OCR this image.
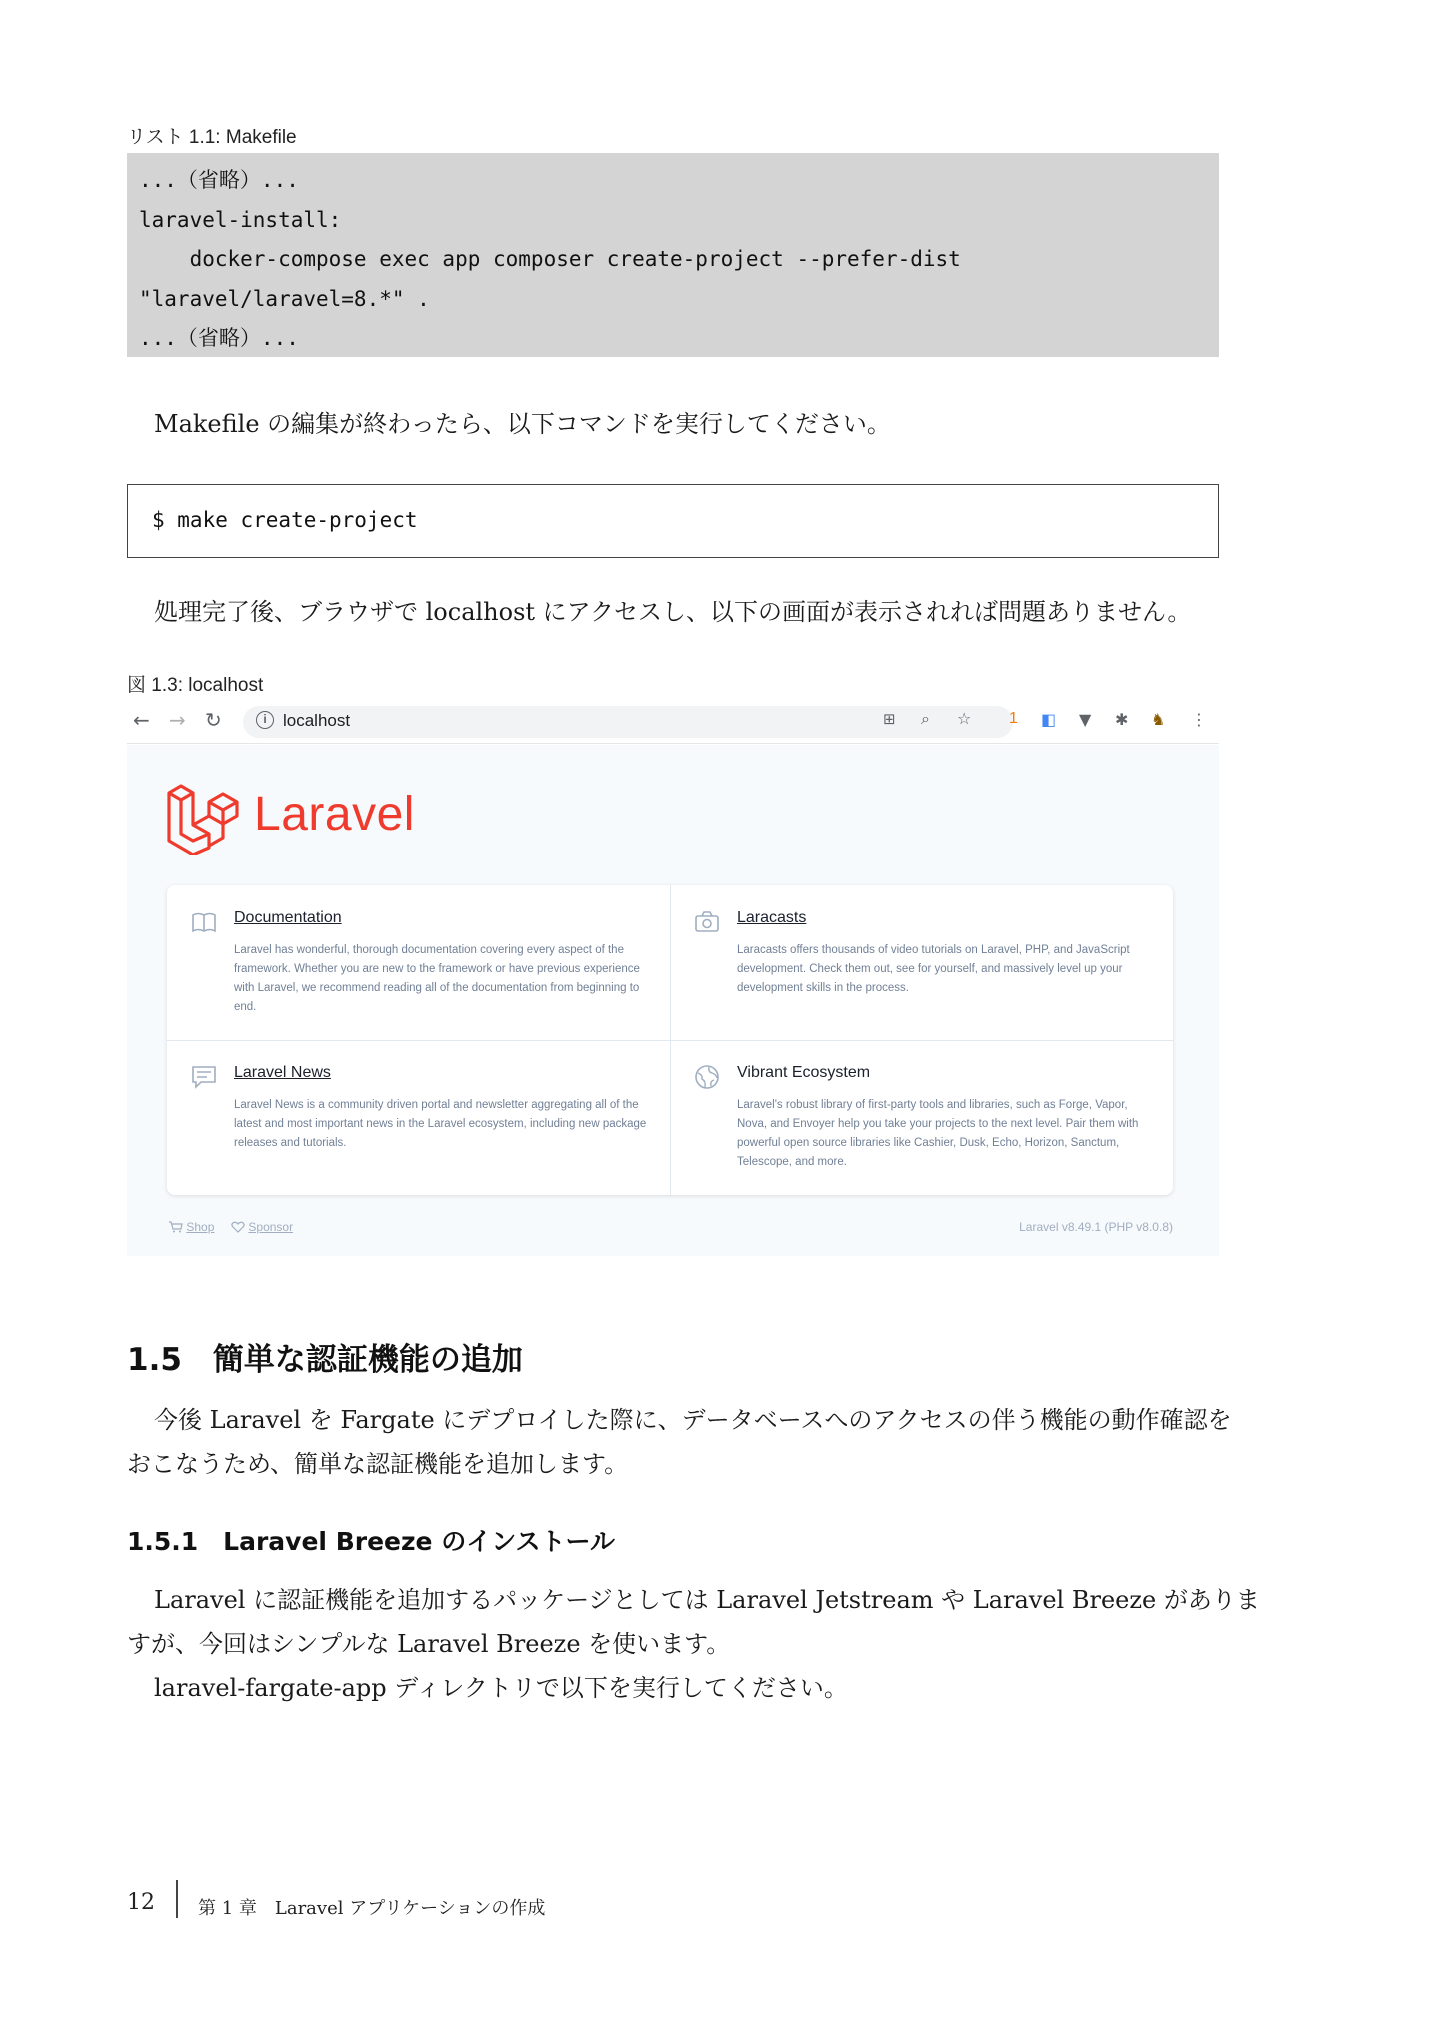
リスト 1.1: Makefile
...（省略）...
laravel-install:
docker-compose exec app composer create-project --prefer-dist
"laravel/laravel=8.*" .
...（省略）...
Makefile の編集が終わったら、以下コマンドを実行してください。
$ make create-project
処理完了後、ブラウザで localhost にアクセスし、以下の画面が表示されれば問題ありません。
図 1.3: localhost
← → ↻	i localhost	⊞ ⌕ ☆ 1 ◧ ▼ ✱ ♞ ⋮
Laravel
Documentation
Laravel has wonderful, thorough documentation covering every aspect of the framework. Whether you are new to the framework or have previous experience with Laravel, we recommend reading all of the documentation from beginning to end.
Laracasts
Laracasts offers thousands of video tutorials on Laravel, PHP, and JavaScript development. Check them out, see for yourself, and massively level up your development skills in the process.
Laravel News
Laravel News is a community driven portal and newsletter aggregating all of the latest and most important news in the Laravel ecosystem, including new package releases and tutorials.
Vibrant Ecosystem
Laravel's robust library of first-party tools and libraries, such as Forge, Vapor, Nova, and Envoyer help you take your projects to the next level. Pair them with powerful open source libraries like Cashier, Dusk, Echo, Horizon, Sanctum, Telescope, and more.
Shop	Sponsor	Laravel v8.49.1 (PHP v8.0.8)
1.5　簡単な認証機能の追加
今後 Laravel を Fargate にデプロイした際に、データベースへのアクセスの伴う機能の動作確認を
おこなうため、簡単な認証機能を追加します。
1.5.1　Laravel Breeze のインストール
Laravel に認証機能を追加するパッケージとしては Laravel Jetstream や Laravel Breeze がありま
すが、今回はシンプルな Laravel Breeze を使います。
laravel-fargate-app ディレクトリで以下を実行してください。
12 第 1 章　Laravel アプリケーションの作成
